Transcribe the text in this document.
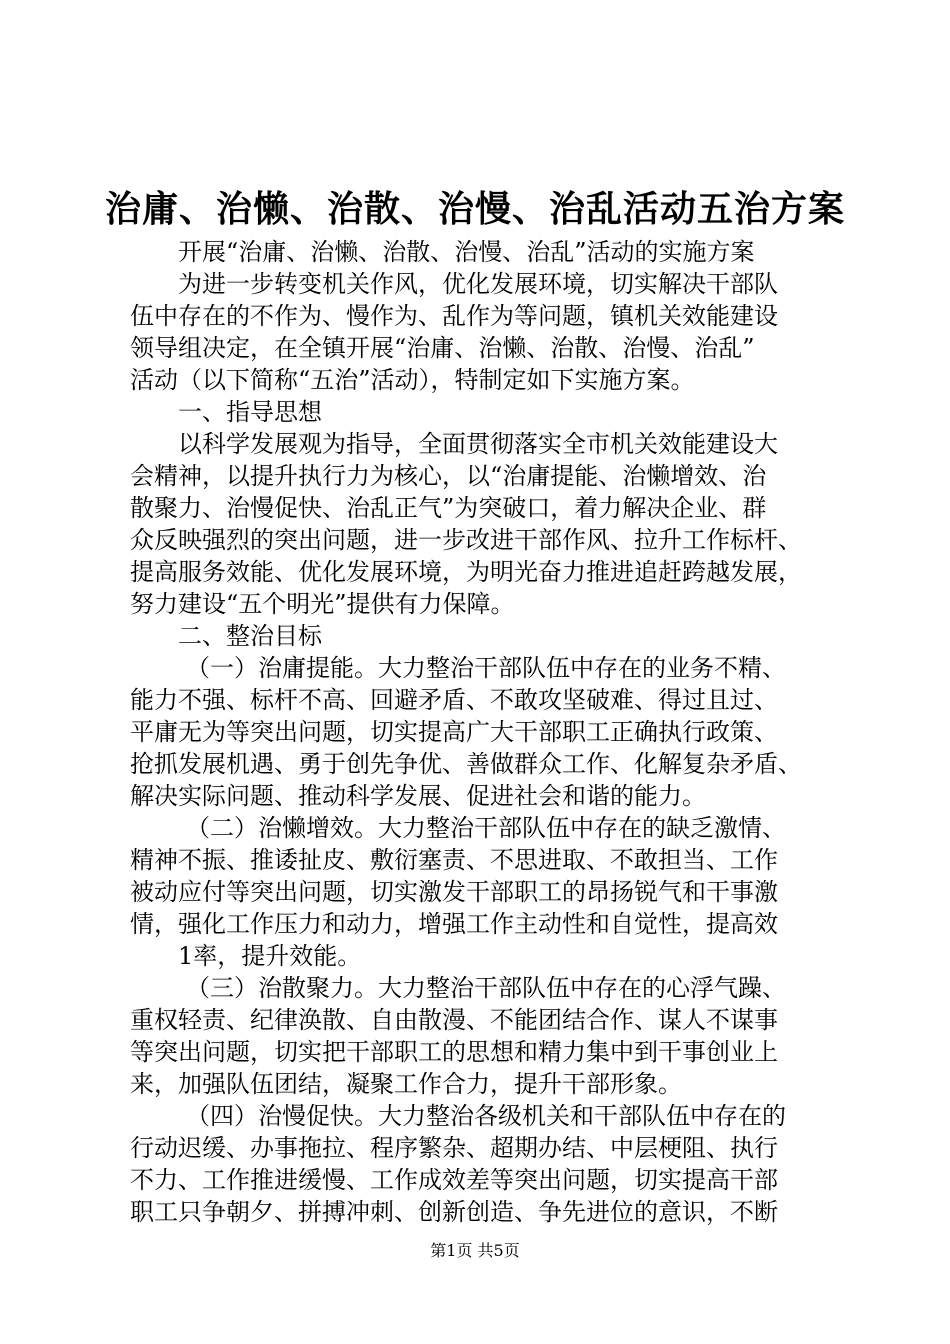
治庸、治懒、治散、治慢、治乱活动五治方案
开展“治庸、治懒、治散、治慢、治乱”活动的实施方案
为进一步转变机关作风，优化发展环境，切实解决干部队
伍中存在的不作为、慢作为、乱作为等问题，镇机关效能建设
领导组决定，在全镇开展“治庸、治懒、治散、治慢、治乱”
活动（以下简称“五治”活动），特制定如下实施方案。
一、指导思想
以科学发展观为指导，全面贯彻落实全市机关效能建设大
会精神，以提升执行力为核心，以“治庸提能、治懒增效、治
散聚力、治慢促快、治乱正气”为突破口，着力解决企业、群
众反映强烈的突出问题，进一步改进干部作风、拉升工作标杆、
提高服务效能、优化发展环境，为明光奋力推进追赶跨越发展，
努力建设“五个明光”提供有力保障。
二、整治目标
（一）治庸提能。大力整治干部队伍中存在的业务不精、
能力不强、标杆不高、回避矛盾、不敢攻坚破难、得过且过、
平庸无为等突出问题，切实提高广大干部职工正确执行政策、
抢抓发展机遇、勇于创先争优、善做群众工作、化解复杂矛盾、
解决实际问题、推动科学发展、促进社会和谐的能力。
（二）治懒增效。大力整治干部队伍中存在的缺乏激情、
精神不振、推诿扯皮、敷衍塞责、不思进取、不敢担当、工作
被动应付等突出问题，切实激发干部职工的昂扬锐气和干事激
情，强化工作压力和动力，增强工作主动性和自觉性，提高效
1率，提升效能。
（三）治散聚力。大力整治干部队伍中存在的心浮气躁、
重权轻责、纪律涣散、自由散漫、不能团结合作、谋人不谋事
等突出问题，切实把干部职工的思想和精力集中到干事创业上
来，加强队伍团结，凝聚工作合力，提升干部形象。
（四）治慢促快。大力整治各级机关和干部队伍中存在的
行动迟缓、办事拖拉、程序繁杂、超期办结、中层梗阻、执行
不力、工作推进缓慢、工作成效差等突出问题，切实提高干部
职工只争朝夕、拼搏冲刺、创新创造、争先进位的意识，不断
第1页 共5页
